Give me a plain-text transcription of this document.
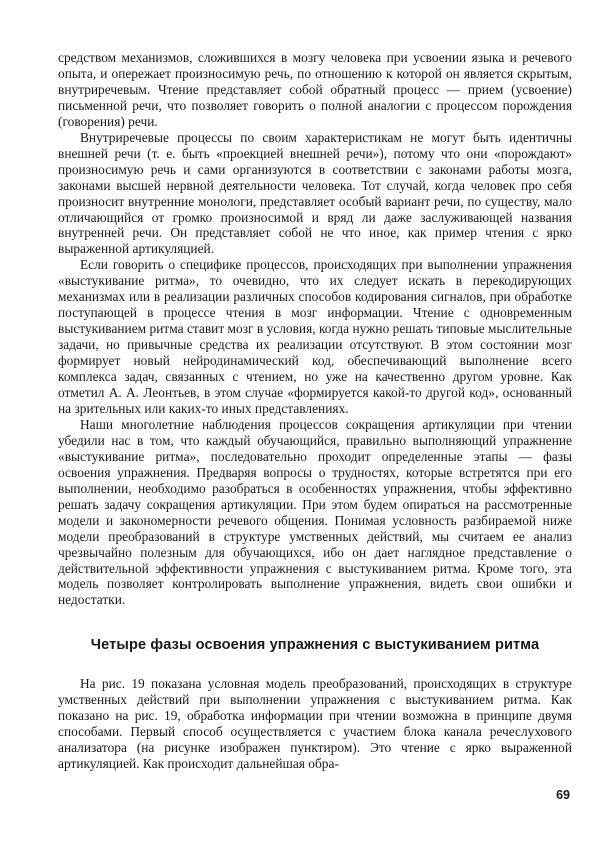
средством механизмов, сложившихся в мозгу человека при усвоении языка и речевого опыта, и опережает произносимую речь, по отношению к которой он является скрытым, внутриречевым. Чтение представляет собой обратный процесс — прием (усвоение) письменной речи, что позволяет говорить о полной аналогии с процессом порождения (говорения) речи.

Внутриречевые процессы по своим характеристикам не могут быть идентичны внешней речи (т. е. быть «проекцией внешней речи»), потому что они «порождают» произносимую речь и сами организуются в соответствии с законами работы мозга, законами высшей нервной деятельности человека. Тот случай, когда человек про себя произносит внутренние монологи, представляет особый вариант речи, по существу, мало отличающийся от громко произносимой и вряд ли даже заслуживающей названия внутренней речи. Он представляет собой не что иное, как пример чтения с ярко выраженной артикуляцией.

Если говорить о специфике процессов, происходящих при выполнении упражнения «выстукивание ритма», то очевидно, что их следует искать в перекодирующих механизмах или в реализации различных способов кодирования сигналов, при обработке поступающей в процессе чтения в мозг информации. Чтение с одновременным выстукиванием ритма ставит мозг в условия, когда нужно решать типовые мыслительные задачи, но привычные средства их реализации отсутствуют. В этом состоянии мозг формирует новый нейродинамический код, обеспечивающий выполнение всего комплекса задач, связанных с чтением, но уже на качественно другом уровне. Как отметил А. А. Леонтьев, в этом случае «формируется какой-то другой код», основанный на зрительных или каких-то иных представлениях.

Наши многолетние наблюдения процессов сокращения артикуляции при чтении убедили нас в том, что каждый обучающийся, правильно выполняющий упражнение «выстукивание ритма», последовательно проходит определенные этапы — фазы освоения упражнения. Предваряя вопросы о трудностях, которые встретятся при его выполнении, необходимо разобраться в особенностях упражнения, чтобы эффективно решать задачу сокращения артикуляции. При этом будем опираться на рассмотренные модели и закономерности речевого общения. Понимая условность разбираемой ниже модели преобразований в структуре умственных действий, мы считаем ее анализ чрезвычайно полезным для обучающихся, ибо он дает наглядное представление о действительной эффективности упражнения с выстукиванием ритма. Кроме того, эта модель позволяет контролировать выполнение упражнения, видеть свои ошибки и недостатки.

Четыре фазы освоения упражнения с выстукиванием ритма

На рис. 19 показана условная модель преобразований, происходящих в структуре умственных действий при выполнении упражнения с выстукиванием ритма. Как показано на рис. 19, обработка информации при чтении возможна в принципе двумя способами. Первый способ осуществляется с участием блока канала речеслухового анализатора (на рисунке изображен пунктиром). Это чтение с ярко выраженной артикуляцией. Как происходит дальнейшая обра-

69
